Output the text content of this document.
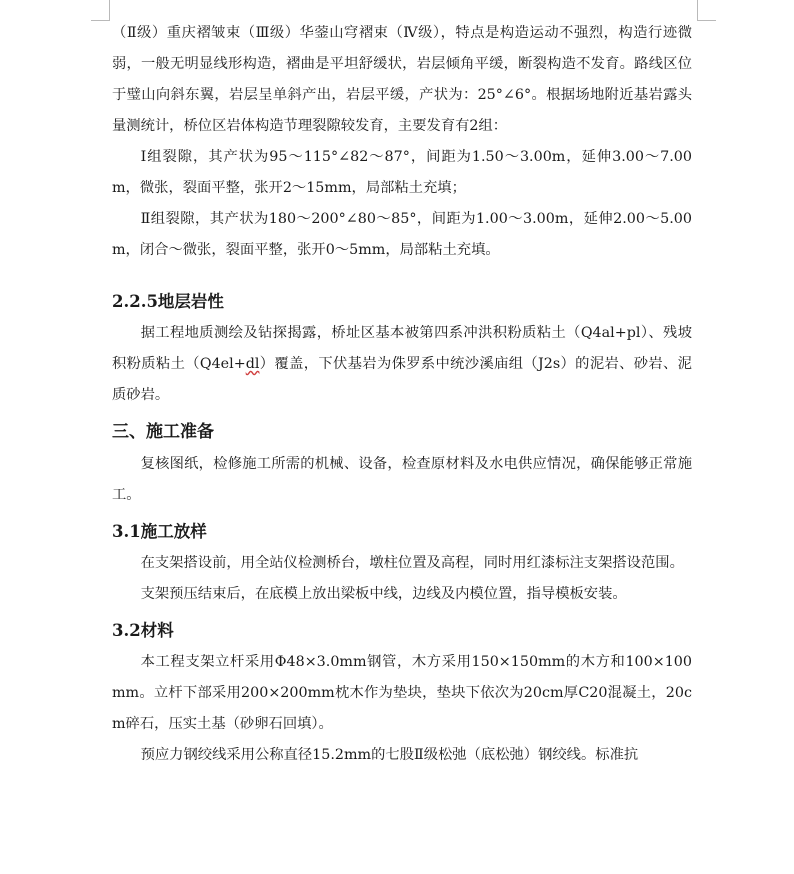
（Ⅱ级）重庆褶皱束（Ⅲ级）华蓥山穹褶束（Ⅳ级），特点是构造运动不强烈，构造行迹微弱，一般无明显线形构造，褶曲是平坦舒缓状，岩层倾角平缓，断裂构造不发育。路线区位于璧山向斜东翼，岩层呈单斜产出，岩层平缓，产状为：25°∠6°。根据场地附近基岩露头量测统计，桥位区岩体构造节理裂隙较发育，主要发育有2组：

Ⅰ组裂隙，其产状为95～115°∠82～87°，间距为1.50～3.00m，延伸3.00～7.00m，微张，裂面平整，张开2～15mm，局部粘土充填；

Ⅱ组裂隙，其产状为180～200°∠80～85°，间距为1.00～3.00m，延伸2.00～5.00m，闭合～微张，裂面平整，张开0～5mm，局部粘土充填。

2.2.5地层岩性

据工程地质测绘及钻探揭露，桥址区基本被第四系冲洪积粉质粘土（Q4al+pl）、残坡积粉质粘土（Q4el+dl）覆盖，下伏基岩为侏罗系中统沙溪庙组（J2s）的泥岩、砂岩、泥质砂岩。

三、施工准备

复核图纸，检修施工所需的机械、设备，检查原材料及水电供应情况，确保能够正常施工。

3.1施工放样

在支架搭设前，用全站仪检测桥台，墩柱位置及高程，同时用红漆标注支架搭设范围。

支架预压结束后，在底模上放出梁板中线，边线及内模位置，指导模板安装。

3.2材料

本工程支架立杆采用Φ48×3.0mm钢管，木方采用150×150mm的木方和100×100mm。立杆下部采用200×200mm枕木作为垫块，垫块下依次为20cm厚C20混凝土，20cm碎石，压实土基（砂卵石回填）。

预应力钢绞线采用公称直径15.2mm的七股Ⅱ级松弛（底松弛）钢绞线。标准抗
